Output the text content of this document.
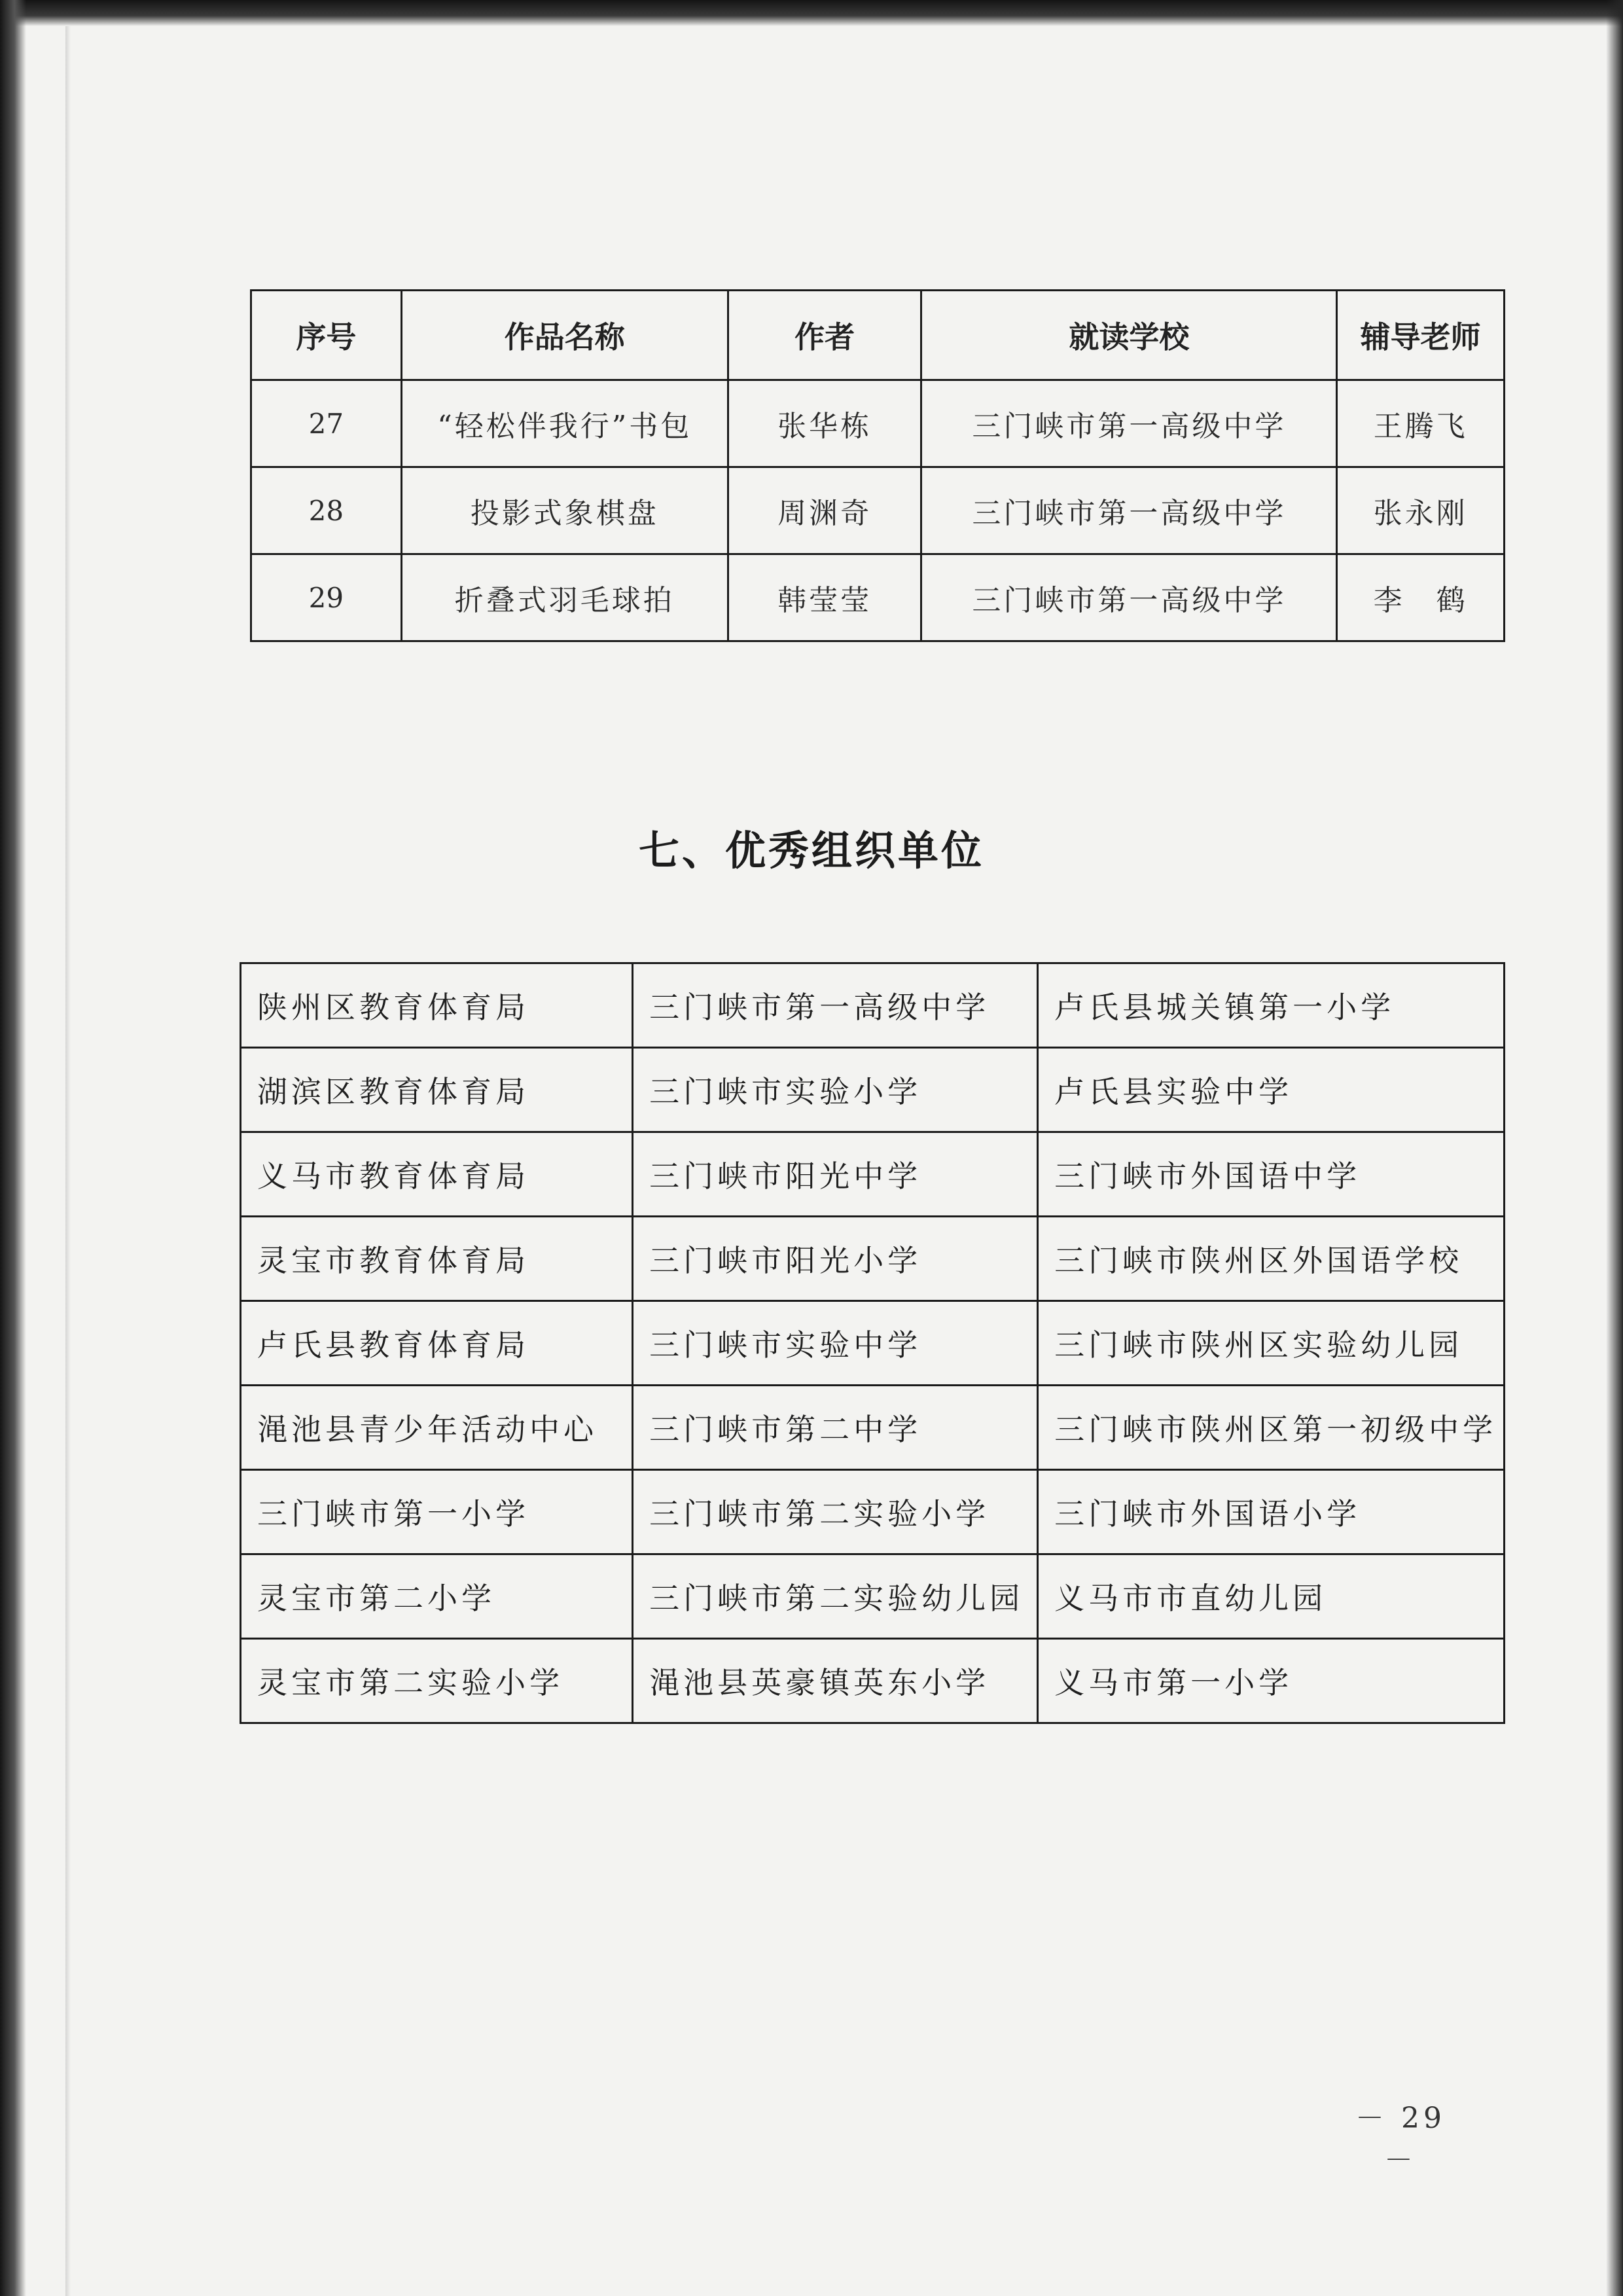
序号	作品名称	作者	就读学校	辅导老师
27	“轻松伴我行”书包	张华栋	三门峡市第一高级中学	王腾飞
28	投影式象棋盘	周渊奇	三门峡市第一高级中学	张永刚
29	折叠式羽毛球拍	韩莹莹	三门峡市第一高级中学	李　鹤
七、优秀组织单位
陕州区教育体育局	三门峡市第一高级中学	卢氏县城关镇第一小学
湖滨区教育体育局	三门峡市实验小学	卢氏县实验中学
义马市教育体育局	三门峡市阳光中学	三门峡市外国语中学
灵宝市教育体育局	三门峡市阳光小学	三门峡市陕州区外国语学校
卢氏县教育体育局	三门峡市实验中学	三门峡市陕州区实验幼儿园
渑池县青少年活动中心	三门峡市第二中学	三门峡市陕州区第一初级中学
三门峡市第一小学	三门峡市第二实验小学	三门峡市外国语小学
灵宝市第二小学	三门峡市第二实验幼儿园	义马市市直幼儿园
灵宝市第二实验小学	渑池县英豪镇英东小学	义马市第一小学
－ 29 －
